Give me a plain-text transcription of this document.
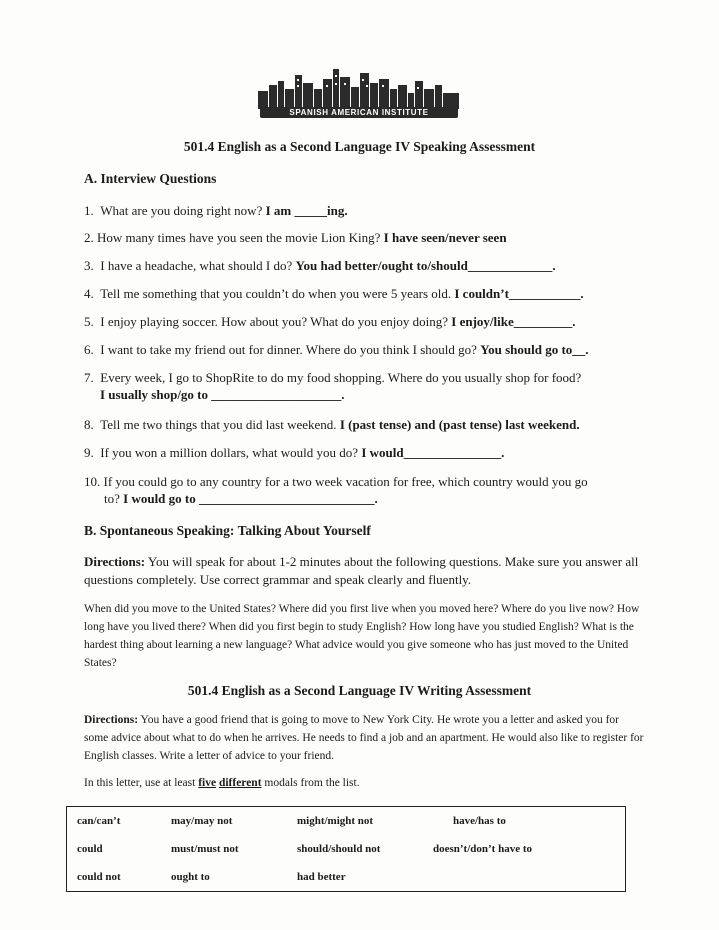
SPANISH AMERICAN INSTITUTE
501.4 English as a Second Language IV Speaking Assessment
A. Interview Questions
1. What are you doing right now? I am _____ing.
2. How many times have you seen the movie Lion King? I have seen/never seen
3. I have a headache, what should I do? You had better/ought to/should_____________.
4. Tell me something that you couldn’t do when you were 5 years old. I couldn’t___________.
5. I enjoy playing soccer. How about you? What do you enjoy doing? I enjoy/like_________.
6. I want to take my friend out for dinner. Where do you think I should go? You should go to__.
7. Every week, I go to ShopRite to do my food shopping. Where do you usually shop for food?
I usually shop/go to ____________________.
8. Tell me two things that you did last weekend. I (past tense) and (past tense) last weekend.
9. If you won a million dollars, what would you do? I would_______________.
10. If you could go to any country for a two week vacation for free, which country would you go
to? I would go to ___________________________.
B. Spontaneous Speaking: Talking About Yourself
Directions: You will speak for about 1-2 minutes about the following questions. Make sure you answer all questions completely. Use correct grammar and speak clearly and fluently.
When did you move to the United States? Where did you first live when you moved here? Where do you live now? How long have you lived there? When did you first begin to study English? How long have you studied English? What is the hardest thing about learning a new language? What advice would you give someone who has just moved to the United States?
501.4 English as a Second Language IV Writing Assessment
Directions: You have a good friend that is going to move to New York City. He wrote you a letter and asked you for some advice about what to do when he arrives. He needs to find a job and an apartment. He would also like to register for English classes. Write a letter of advice to your friend.
In this letter, use at least five different modals from the list.
can/can’t	may/may not	might/might not	have/has to
could	must/must not	should/should not	doesn’t/don’t have to
could not	ought to	had better	
